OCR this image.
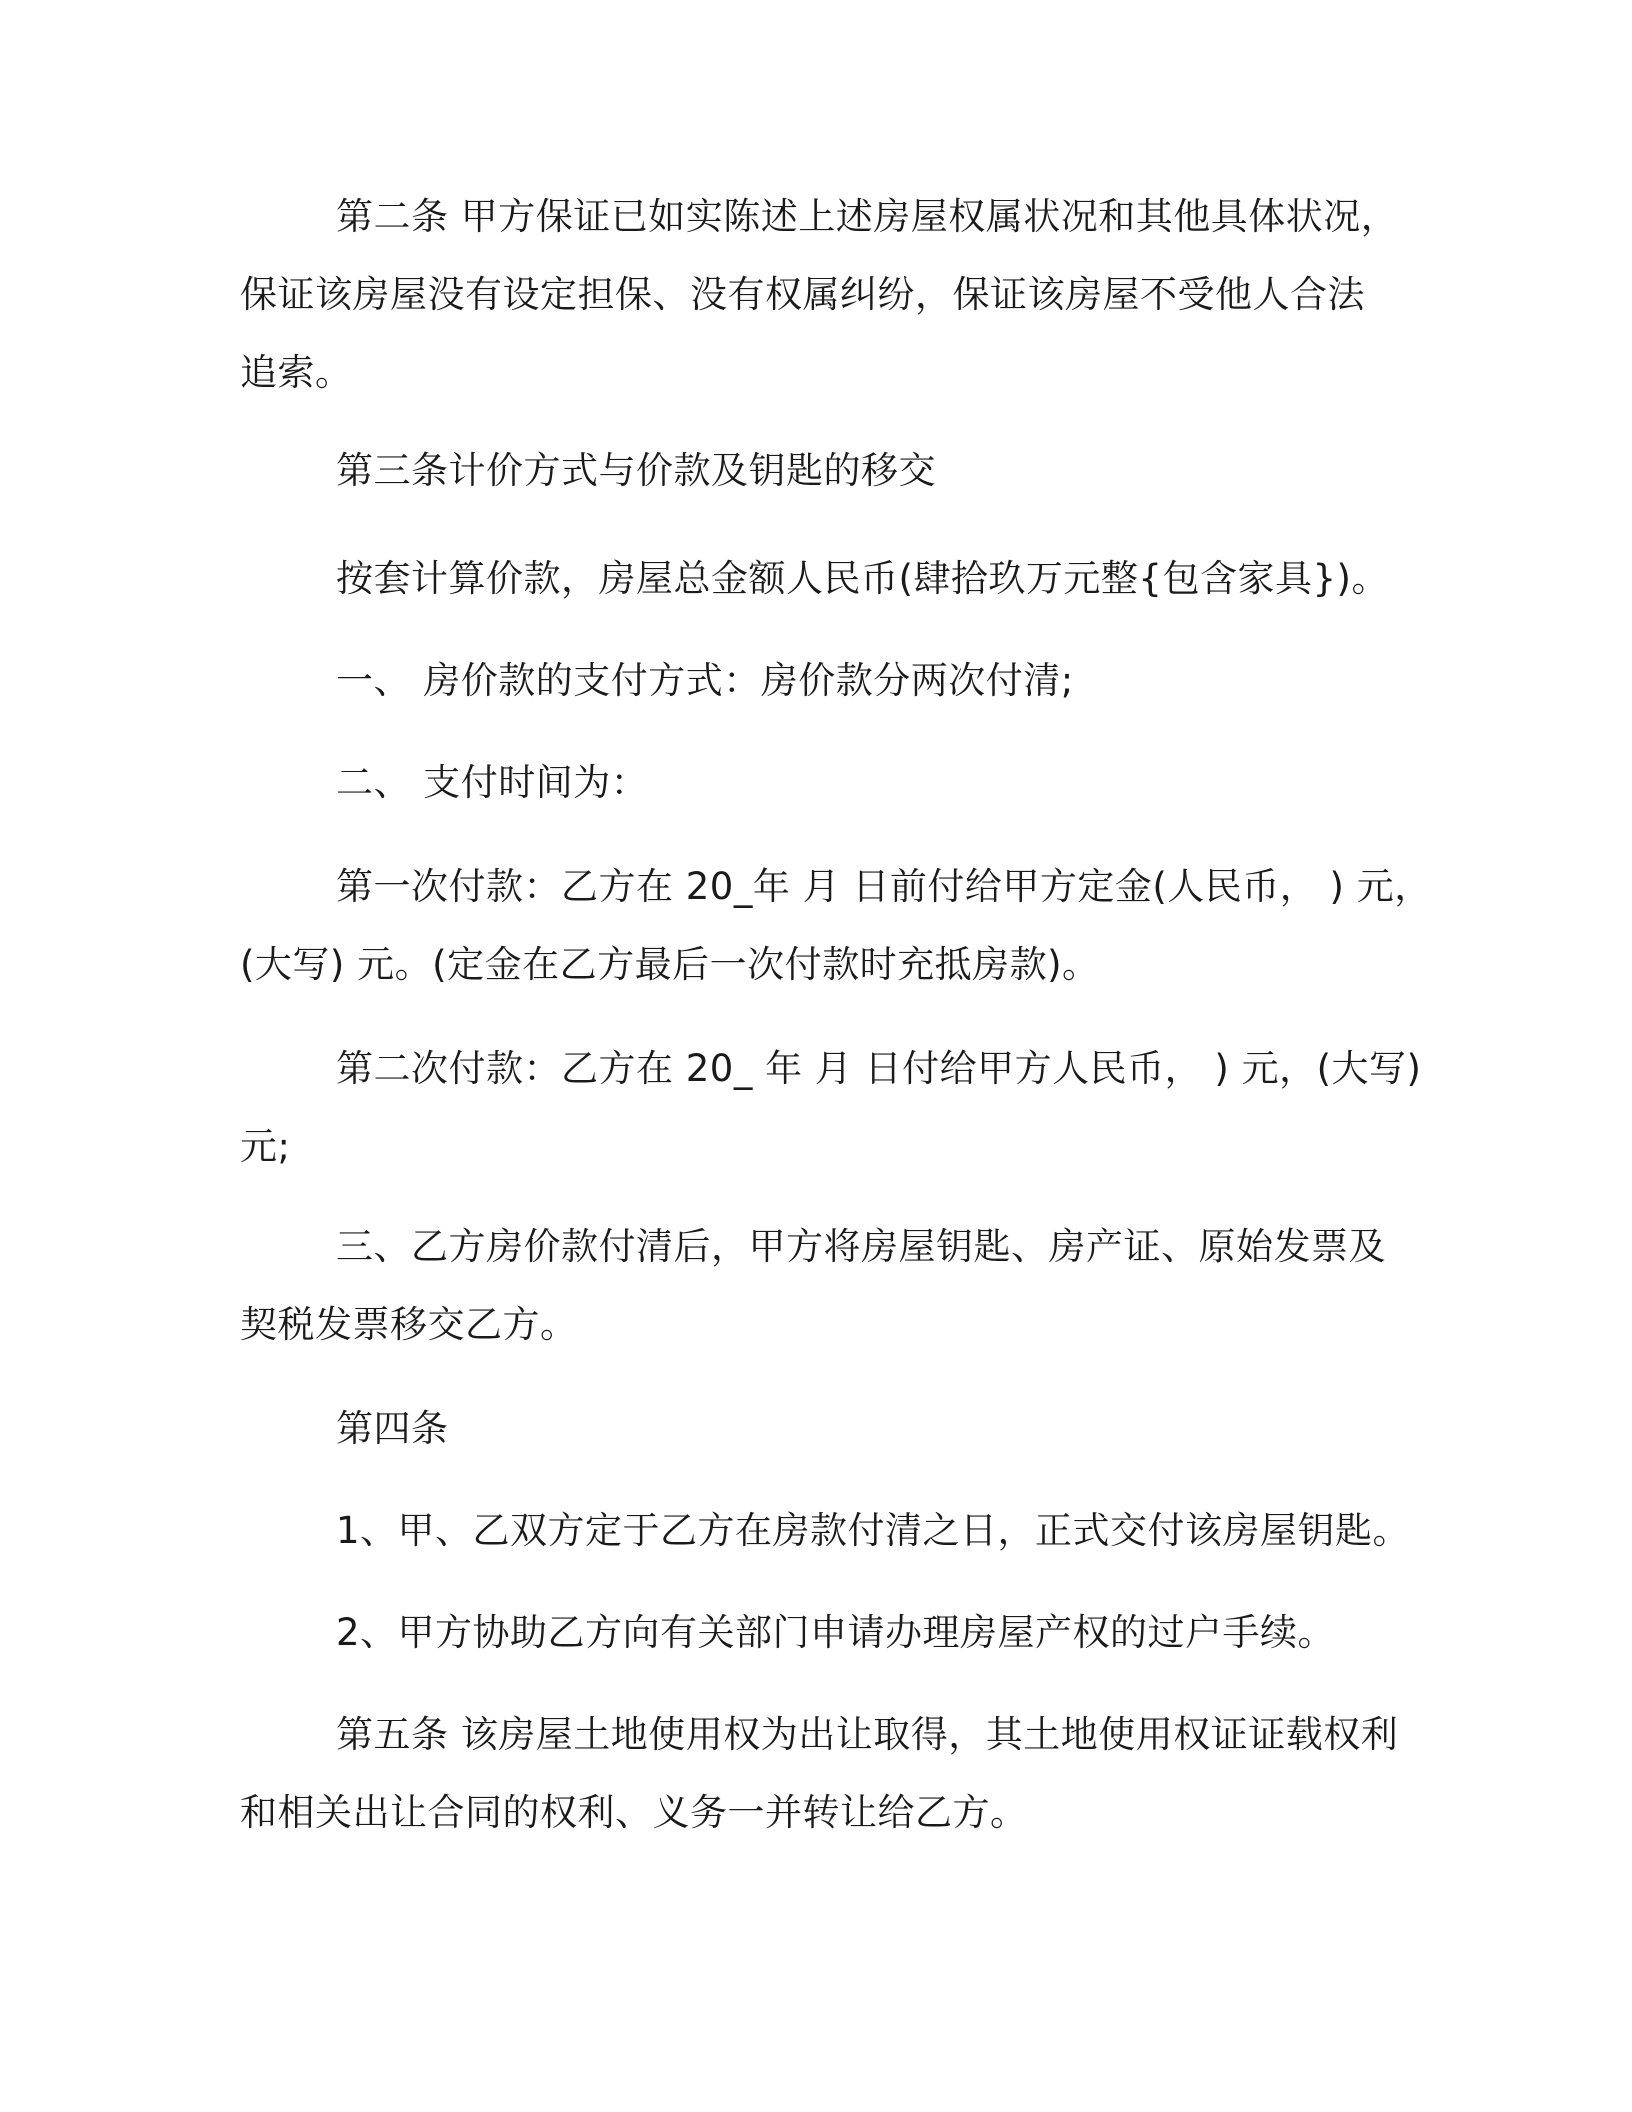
第二条 甲方保证已如实陈述上述房屋权属状况和其他具体状况，
保证该房屋没有设定担保、没有权属纠纷，保证该房屋不受他人合法
追索。
第三条计价方式与价款及钥匙的移交
按套计算价款，房屋总金额人民币(肆拾玖万元整{包含家具})。
一、 房价款的支付方式：房价款分两次付清;
二、 支付时间为：
第一次付款：乙方在 20_年 月 日前付给甲方定金(人民币， ) 元，
(大写) 元。(定金在乙方最后一次付款时充抵房款)。
第二次付款：乙方在 20_ 年 月 日付给甲方人民币， ) 元，(大写)
元;
三、乙方房价款付清后，甲方将房屋钥匙、房产证、原始发票及
契税发票移交乙方。
第四条
1、甲、乙双方定于乙方在房款付清之日，正式交付该房屋钥匙。
2、甲方协助乙方向有关部门申请办理房屋产权的过户手续。
第五条 该房屋土地使用权为出让取得，其土地使用权证证载权利
和相关出让合同的权利、义务一并转让给乙方。
